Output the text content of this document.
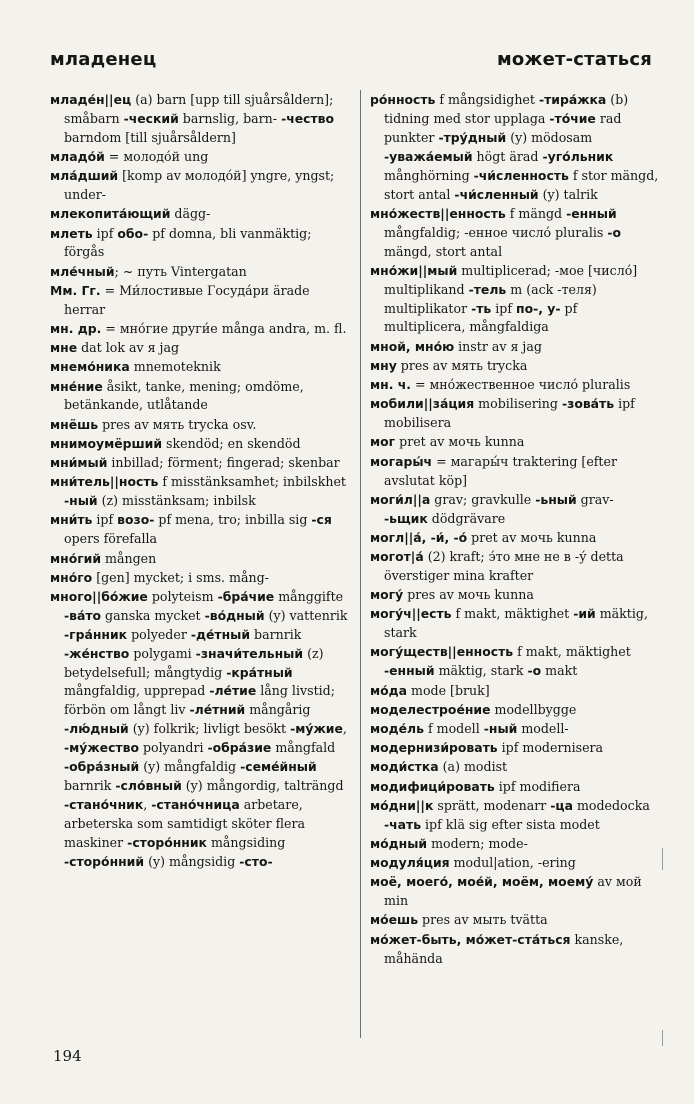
младенец	может-статься

младе́н||ец (a) barn [upp till sjuårsåldern]; småbarn -ческий barnslig, barn- -чество barndom [till sjuårsåldern]

младо́й = молодо́й ung

мла́дший [komp av молодо́й] yngre, yngst; under-

млекопита́ющий dägg-

млеть ipf обо- pf domna, bli vanmäktig; förgås

мле́чный; ~ путь Vintergatan

Мм. Гг. = Ми́лостивые Госуда́ри ärade herrar

мн. др. = мно́гие други́е många andra, m. fl.

мне dat lok av я jag

мнемо́ника mnemoteknik

мне́ние åsikt, tanke, mening; omdöme, betänkande, utlåtande

мнёшь pres av мять trycka osv.

мнимоумёрший skendöd; en skendöd

мни́мый inbillad; förment; fingerad; skenbar

мни́тель||ность f misstänksamhet; inbilskhet -ный (z) misstänksam; inbilsk

мни́ть ipf возо- pf mena, tro; inbilla sig -ся opers förefalla

мно́гий mången

мно́го [gen] mycket; i sms. mång-

много||бо́жие polyteism -бра́чие månggifte -ва́то ganska mycket -во́дный (y) vattenrik -гра́нник polyeder -де́тный barnrik -же́нство polygami -значи́тельный (z) betydelsefull; mångtydig -кра́тный mångfaldig, upprepad -ле́тие lång livstid; förbön om långt liv -ле́тний mångårig -лю́дный (y) folkrik; livligt besökt -му́жие, -му́жество polyandri -обра́зие mångfald -обра́зный (y) mångfaldig -семе́йный barnrik -сло́вный (y) mångordig, talträngd -стано́чник, -стано́чница arbetare, arbeterska som samtidigt sköter flera maskiner -сторо́нник mångsiding -сторо́нний (y) mångsidig -сто-

ро́нность f mångsidighet -тира́жка (b) tidning med stor upplaga -то́чие rad punkter -тру́дный (y) mödosam -уважа́емый högt ärad -уго́льник månghörning -чи́сленность f stor mängd, stort antal -чи́сленный (y) talrik

мно́жеств||енность f mängd -енный mångfaldig; -енное число́ pluralis -о mängd, stort antal

мно́жи||мый multiplicerad; -мое [число́] multiplikand -тель m (ack -теля) multiplikator -ть ipf по-, у- pf multiplicera, mångfaldiga

мной, мно́ю instr av я jag

мну pres av мять trycka

мн. ч. = мно́жественное число́ pluralis

мобили||за́ция mobilisering -зова́ть ipf mobilisera

мог pret av мочь kunna

могары́ч = магары́ч traktering [efter avslutat köp]

моги́л||а grav; gravkulle -ьный grav- -ьщик dödgrävare

могл||а́, -и́, -о́ pret av мочь kunna

могот|а́ (2) kraft; э́то мне не в -у́ detta överstiger mina krafter

могу́ pres av мочь kunna

могу́ч||есть f makt, mäktighet -ий mäktig, stark

могу́ществ||енность f makt, mäktighet -енный mäktig, stark -о makt

мо́да mode [bruk]

моделестрое́ние modellbygge

моде́ль f modell -ный modell-

модернизи́ровать ipf modernisera

моди́стка (a) modist

модифици́ровать ipf modifiera

мо́дни||к sprätt, modenarr -ца modedocka -чать ipf klä sig efter sista modet

мо́дный modern; mode-

модуля́ция modul|ation, -ering

моё, моего́, мое́й, моём, моему́ av мой min

мо́ешь pres av мыть tvätta

мо́жет-быть, мо́жет-ста́ться kanske, måhända

194
